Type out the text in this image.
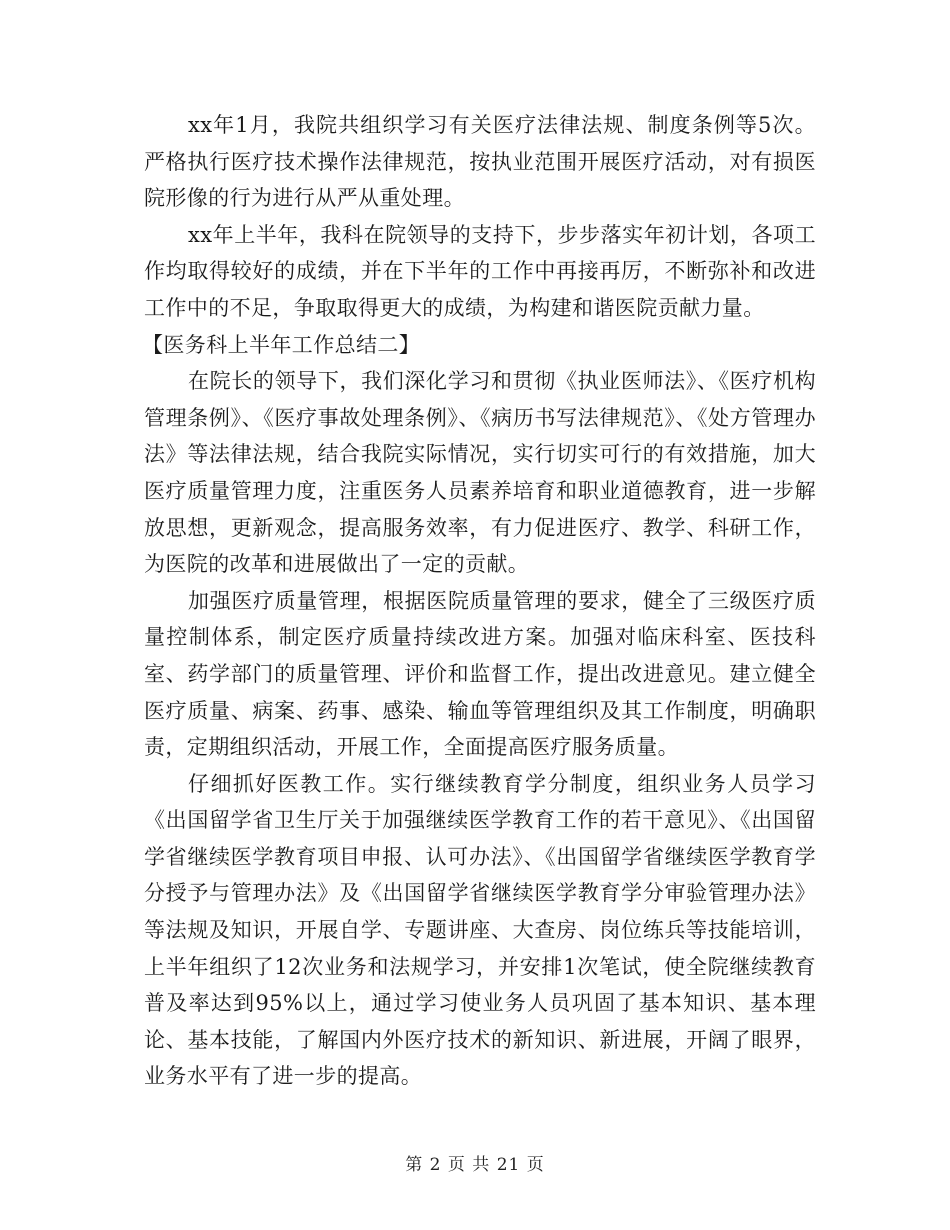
xx年1月，我院共组织学习有关医疗法律法规、制度条例等5次。严格执行医疗技术操作法律规范，按执业范围开展医疗活动，对有损医院形像的行为进行从严从重处理。

xx年上半年，我科在院领导的支持下，步步落实年初计划，各项工作均取得较好的成绩，并在下半年的工作中再接再厉，不断弥补和改进工作中的不足，争取取得更大的成绩，为构建和谐医院贡献力量。

【医务科上半年工作总结二】

在院长的领导下，我们深化学习和贯彻《执业医师法》、《医疗机构管理条例》、《医疗事故处理条例》、《病历书写法律规范》、《处方管理办法》等法律法规，结合我院实际情况，实行切实可行的有效措施，加大医疗质量管理力度，注重医务人员素养培育和职业道德教育，进一步解放思想，更新观念，提高服务效率，有力促进医疗、教学、科研工作，为医院的改革和进展做出了一定的贡献。

加强医疗质量管理，根据医院质量管理的要求，健全了三级医疗质量控制体系，制定医疗质量持续改进方案。加强对临床科室、医技科室、药学部门的质量管理、评价和监督工作，提出改进意见。建立健全医疗质量、病案、药事、感染、输血等管理组织及其工作制度，明确职责，定期组织活动，开展工作，全面提高医疗服务质量。

仔细抓好医教工作。实行继续教育学分制度，组织业务人员学习《出国留学省卫生厅关于加强继续医学教育工作的若干意见》、《出国留学省继续医学教育项目申报、认可办法》、《出国留学省继续医学教育学分授予与管理办法》及《出国留学省继续医学教育学分审验管理办法》等法规及知识，开展自学、专题讲座、大查房、岗位练兵等技能培训，上半年组织了12次业务和法规学习，并安排1次笔试，使全院继续教育普及率达到95%以上，通过学习使业务人员巩固了基本知识、基本理论、基本技能，了解国内外医疗技术的新知识、新进展，开阔了眼界，业务水平有了进一步的提高。

第 2 页 共 21 页
